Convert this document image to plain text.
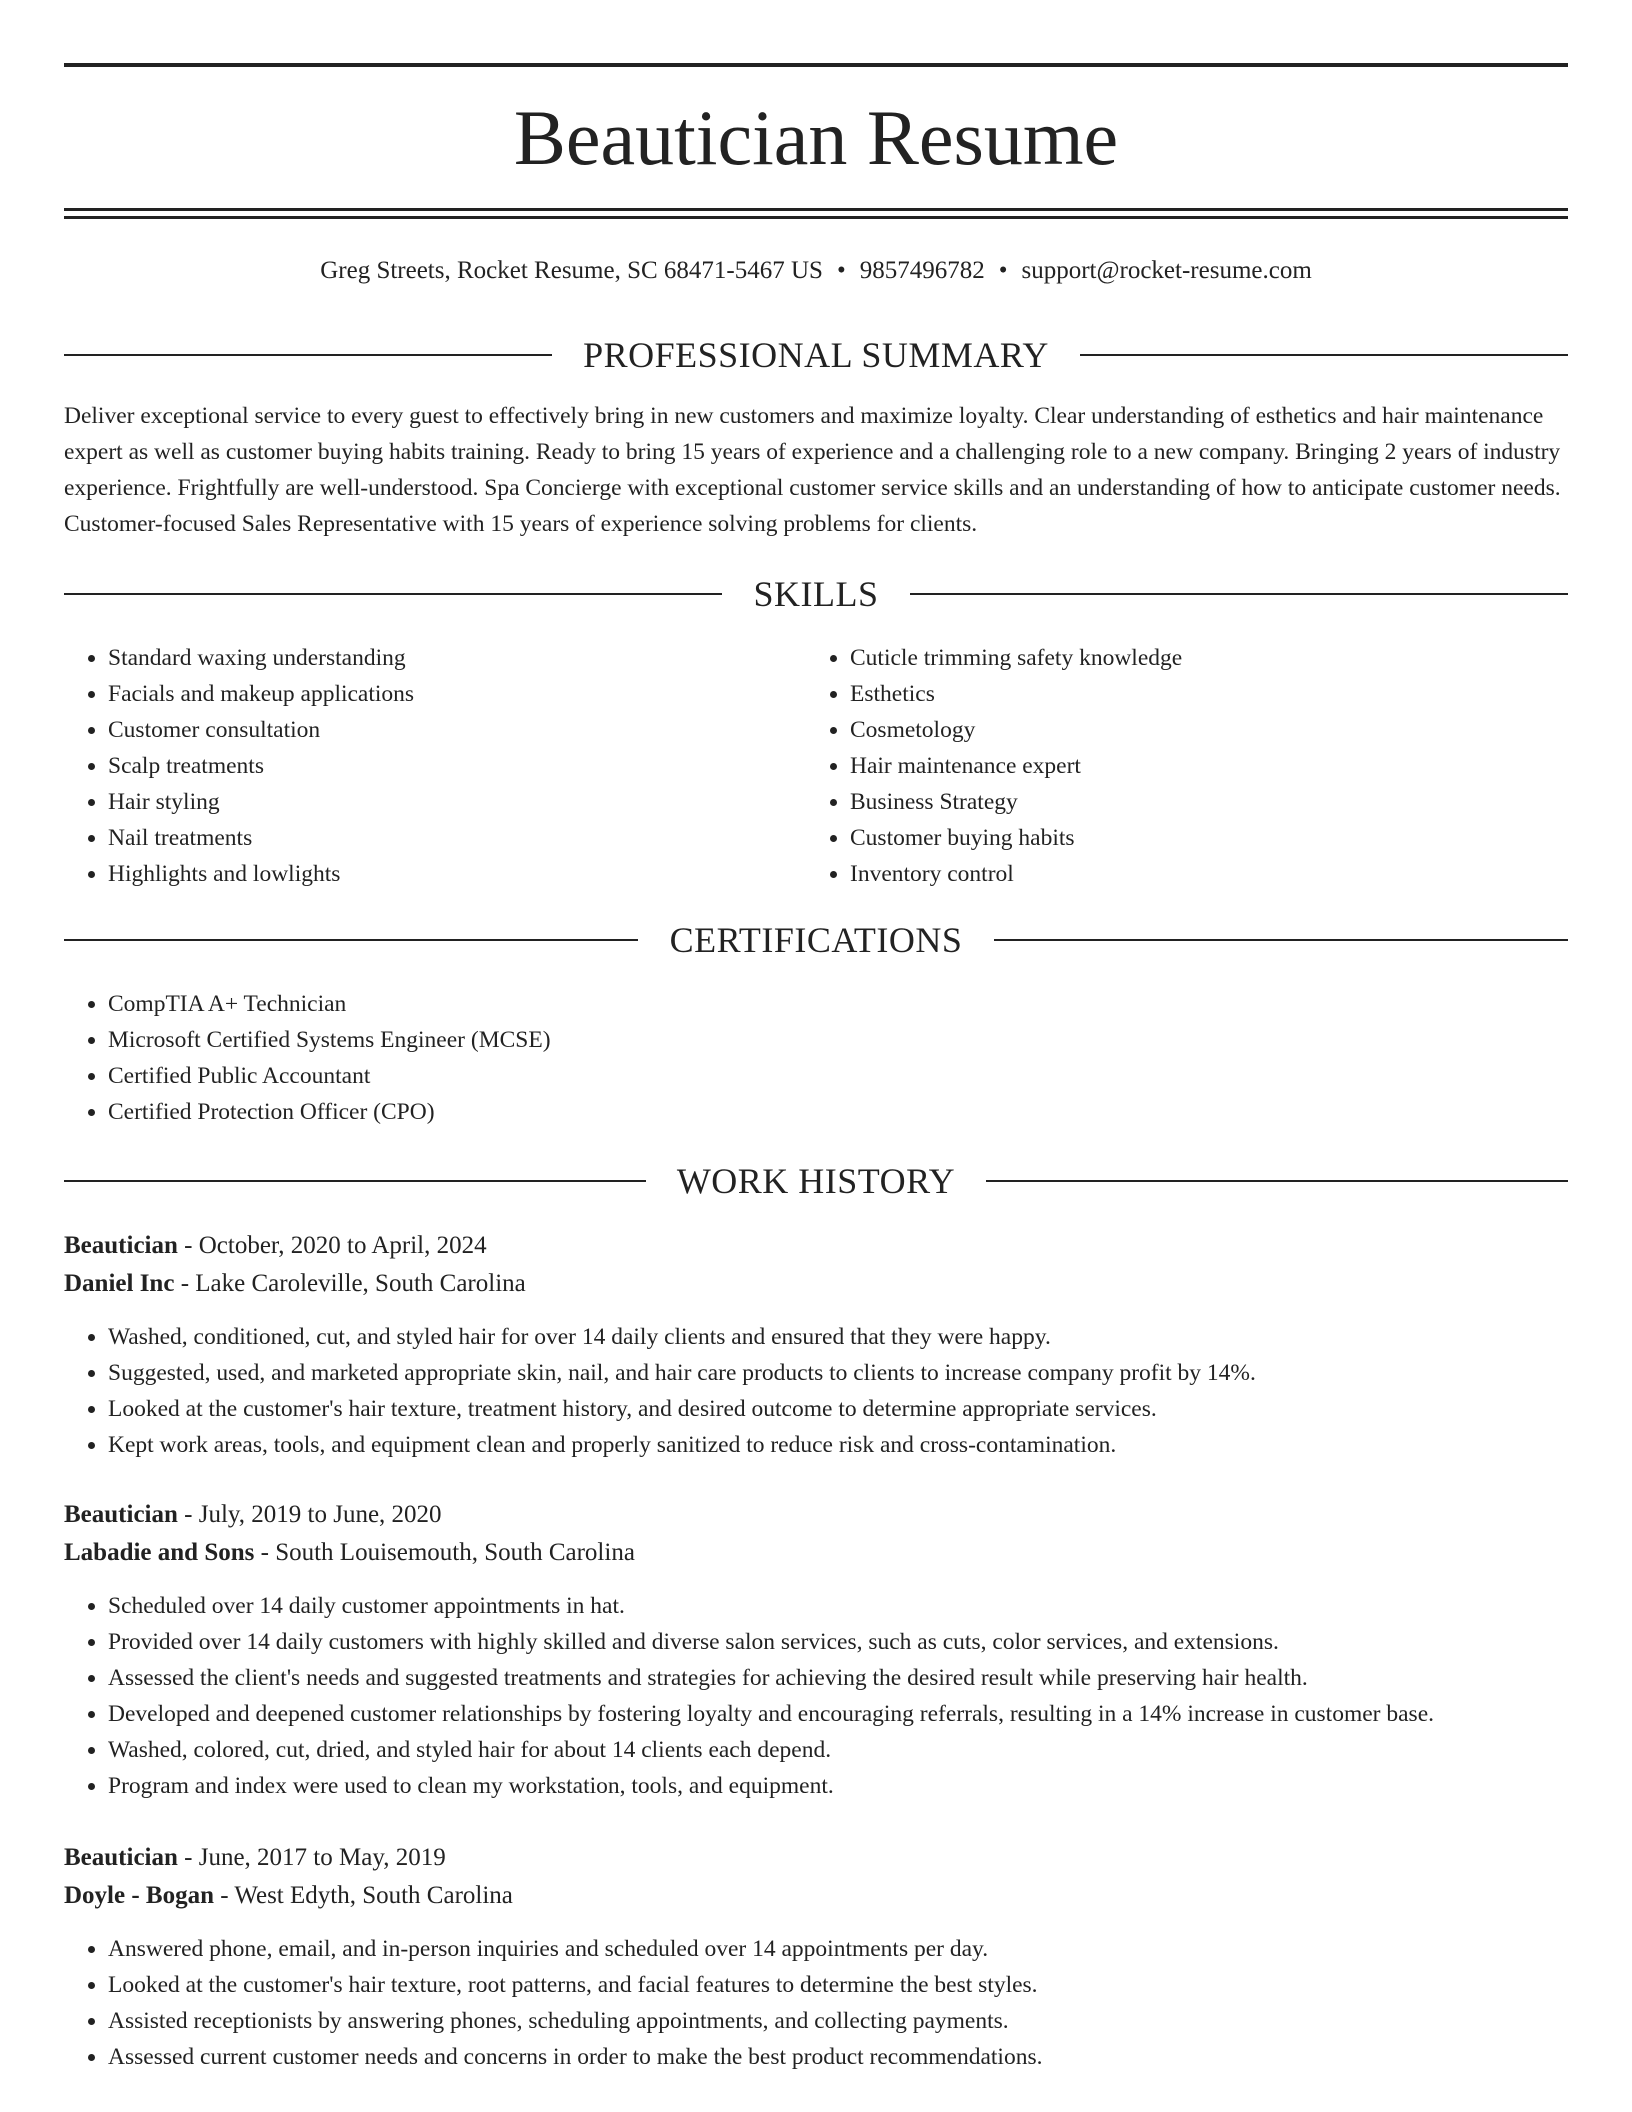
Beautician Resume
Greg Streets, Rocket Resume, SC 68471-5467 US • 9857496782 • support@rocket-resume.com
PROFESSIONAL SUMMARY

Deliver exceptional service to every guest to effectively bring in new customers and maximize loyalty. Clear understanding of esthetics and hair maintenance expert as well as customer buying habits training. Ready to bring 15 years of experience and a challenging role to a new company. Bringing 2 years of industry experience. Frightfully are well-understood. Spa Concierge with exceptional customer service skills and an understanding of how to anticipate customer needs. Customer-focused Sales Representative with 15 years of experience solving problems for clients.

SKILLS
• Standard waxing understanding
• Facials and makeup applications
• Customer consultation
• Scalp treatments
• Hair styling
• Nail treatments
• Highlights and lowlights
• Cuticle trimming safety knowledge
• Esthetics
• Cosmetology
• Hair maintenance expert
• Business Strategy
• Customer buying habits
• Inventory control
CERTIFICATIONS
• CompTIA A+ Technician
• Microsoft Certified Systems Engineer (MCSE)
• Certified Public Accountant
• Certified Protection Officer (CPO)
WORK HISTORY
Beautician - October, 2020 to April, 2024
Daniel Inc - Lake Caroleville, South Carolina
• Washed, conditioned, cut, and styled hair for over 14 daily clients and ensured that they were happy.
• Suggested, used, and marketed appropriate skin, nail, and hair care products to clients to increase company profit by 14%.
• Looked at the customer's hair texture, treatment history, and desired outcome to determine appropriate services.
• Kept work areas, tools, and equipment clean and properly sanitized to reduce risk and cross-contamination.
Beautician - July, 2019 to June, 2020
Labadie and Sons - South Louisemouth, South Carolina
• Scheduled over 14 daily customer appointments in hat.
• Provided over 14 daily customers with highly skilled and diverse salon services, such as cuts, color services, and extensions.
• Assessed the client's needs and suggested treatments and strategies for achieving the desired result while preserving hair health.
• Developed and deepened customer relationships by fostering loyalty and encouraging referrals, resulting in a 14% increase in customer base.
• Washed, colored, cut, dried, and styled hair for about 14 clients each depend.
• Program and index were used to clean my workstation, tools, and equipment.
Beautician - June, 2017 to May, 2019
Doyle - Bogan - West Edyth, South Carolina
• Answered phone, email, and in-person inquiries and scheduled over 14 appointments per day.
• Looked at the customer's hair texture, root patterns, and facial features to determine the best styles.
• Assisted receptionists by answering phones, scheduling appointments, and collecting payments.
• Assessed current customer needs and concerns in order to make the best product recommendations.
